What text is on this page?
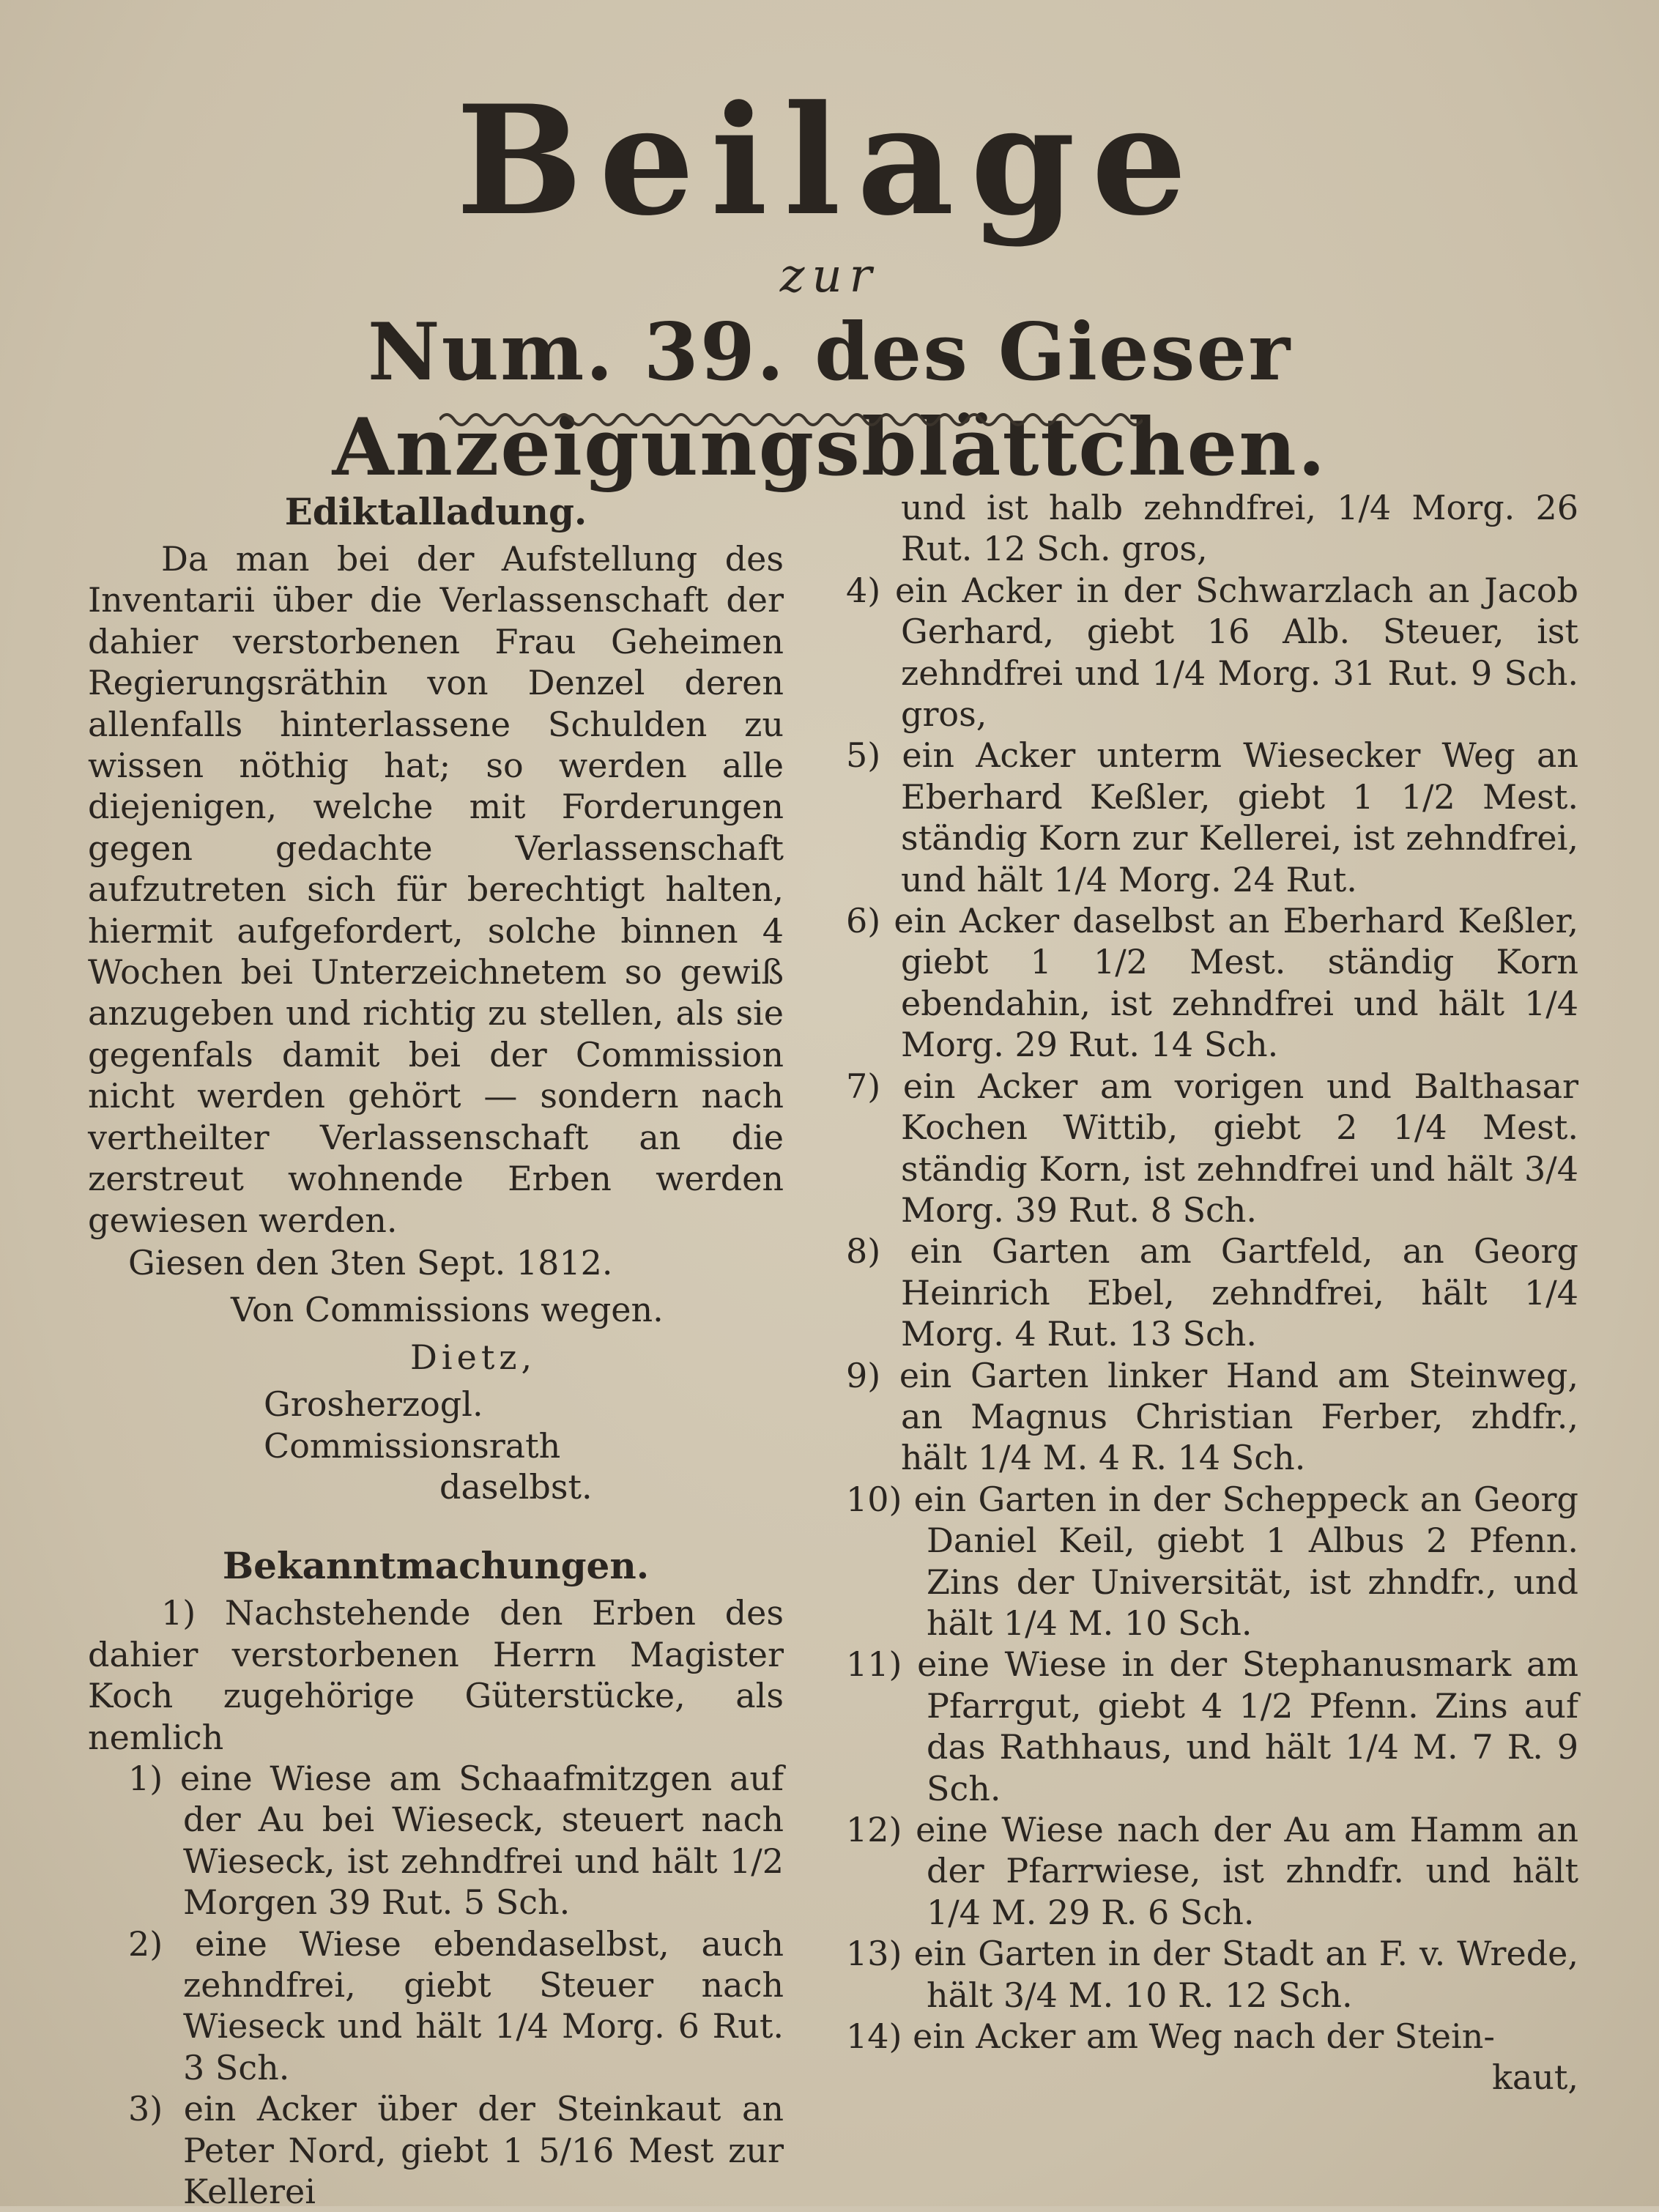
Beilage
zur
Num. 39. des Gieser Anzeigungsblättchen.
Ediktalladung.

Da man bei der Aufstellung des Inventarii über die Verlassenschaft der dahier verstorbenen Frau Geheimen Regierungsräthin von Denzel deren allenfalls hinterlassene Schulden zu wissen nöthig hat; so werden alle diejenigen, welche mit Forderungen gegen gedachte Verlassenschaft aufzutreten sich für berechtigt halten, hiermit aufgefordert, solche binnen 4 Wochen bei Unterzeichnetem so gewiß anzugeben und richtig zu stellen, als sie gegenfals damit bei der Commission nicht werden gehört — sondern nach vertheilter Verlassenschaft an die zerstreut wohnende Erben werden gewiesen werden.

Giesen den 3ten Sept. 1812.
Von Commissions wegen.
Dietz,
Grosherzogl. Commissionsrath
daselbst.
Bekanntmachungen.

1) Nachstehende den Erben des dahier verstorbenen Herrn Magister Koch zugehörige Güterstücke, als nemlich

1) eine Wiese am Schaafmitzgen auf der Au bei Wieseck, steuert nach Wieseck, ist zehndfrei und hält 1/2 Morgen 39 Rut. 5 Sch.

2) eine Wiese ebendaselbst, auch zehndfrei, giebt Steuer nach Wieseck und hält 1/4 Morg. 6 Rut. 3 Sch.

3) ein Acker über der Steinkaut an Peter Nord, giebt 1 5/16 Mest zur Kellerei

und ist halb zehndfrei, 1/4 Morg. 26 Rut. 12 Sch. gros,

4) ein Acker in der Schwarzlach an Jacob Gerhard, giebt 16 Alb. Steuer, ist zehndfrei und 1/4 Morg. 31 Rut. 9 Sch. gros,

5) ein Acker unterm Wiesecker Weg an Eberhard Keßler, giebt 1 1/2 Mest. ständig Korn zur Kellerei, ist zehndfrei, und hält 1/4 Morg. 24 Rut.

6) ein Acker daselbst an Eberhard Keßler, giebt 1 1/2 Mest. ständig Korn ebendahin, ist zehndfrei und hält 1/4 Morg. 29 Rut. 14 Sch.

7) ein Acker am vorigen und Balthasar Kochen Wittib, giebt 2 1/4 Mest. ständig Korn, ist zehndfrei und hält 3/4 Morg. 39 Rut. 8 Sch.

8) ein Garten am Gartfeld, an Georg Heinrich Ebel, zehndfrei, hält 1/4 Morg. 4 Rut. 13 Sch.

9) ein Garten linker Hand am Steinweg, an Magnus Christian Ferber, zhdfr., hält 1/4 M. 4 R. 14 Sch.

10) ein Garten in der Scheppeck an Georg Daniel Keil, giebt 1 Albus 2 Pfenn. Zins der Universität, ist zhndfr., und hält 1/4 M. 10 Sch.

11) eine Wiese in der Stephanusmark am Pfarrgut, giebt 4 1/2 Pfenn. Zins auf das Rathhaus, und hält 1/4 M. 7 R. 9 Sch.

12) eine Wiese nach der Au am Hamm an der Pfarrwiese, ist zhndfr. und hält 1/4 M. 29 R. 6 Sch.

13) ein Garten in der Stadt an F. v. Wrede, hält 3/4 M. 10 R. 12 Sch.

14) ein Acker am Weg nach der Stein-

kaut,
